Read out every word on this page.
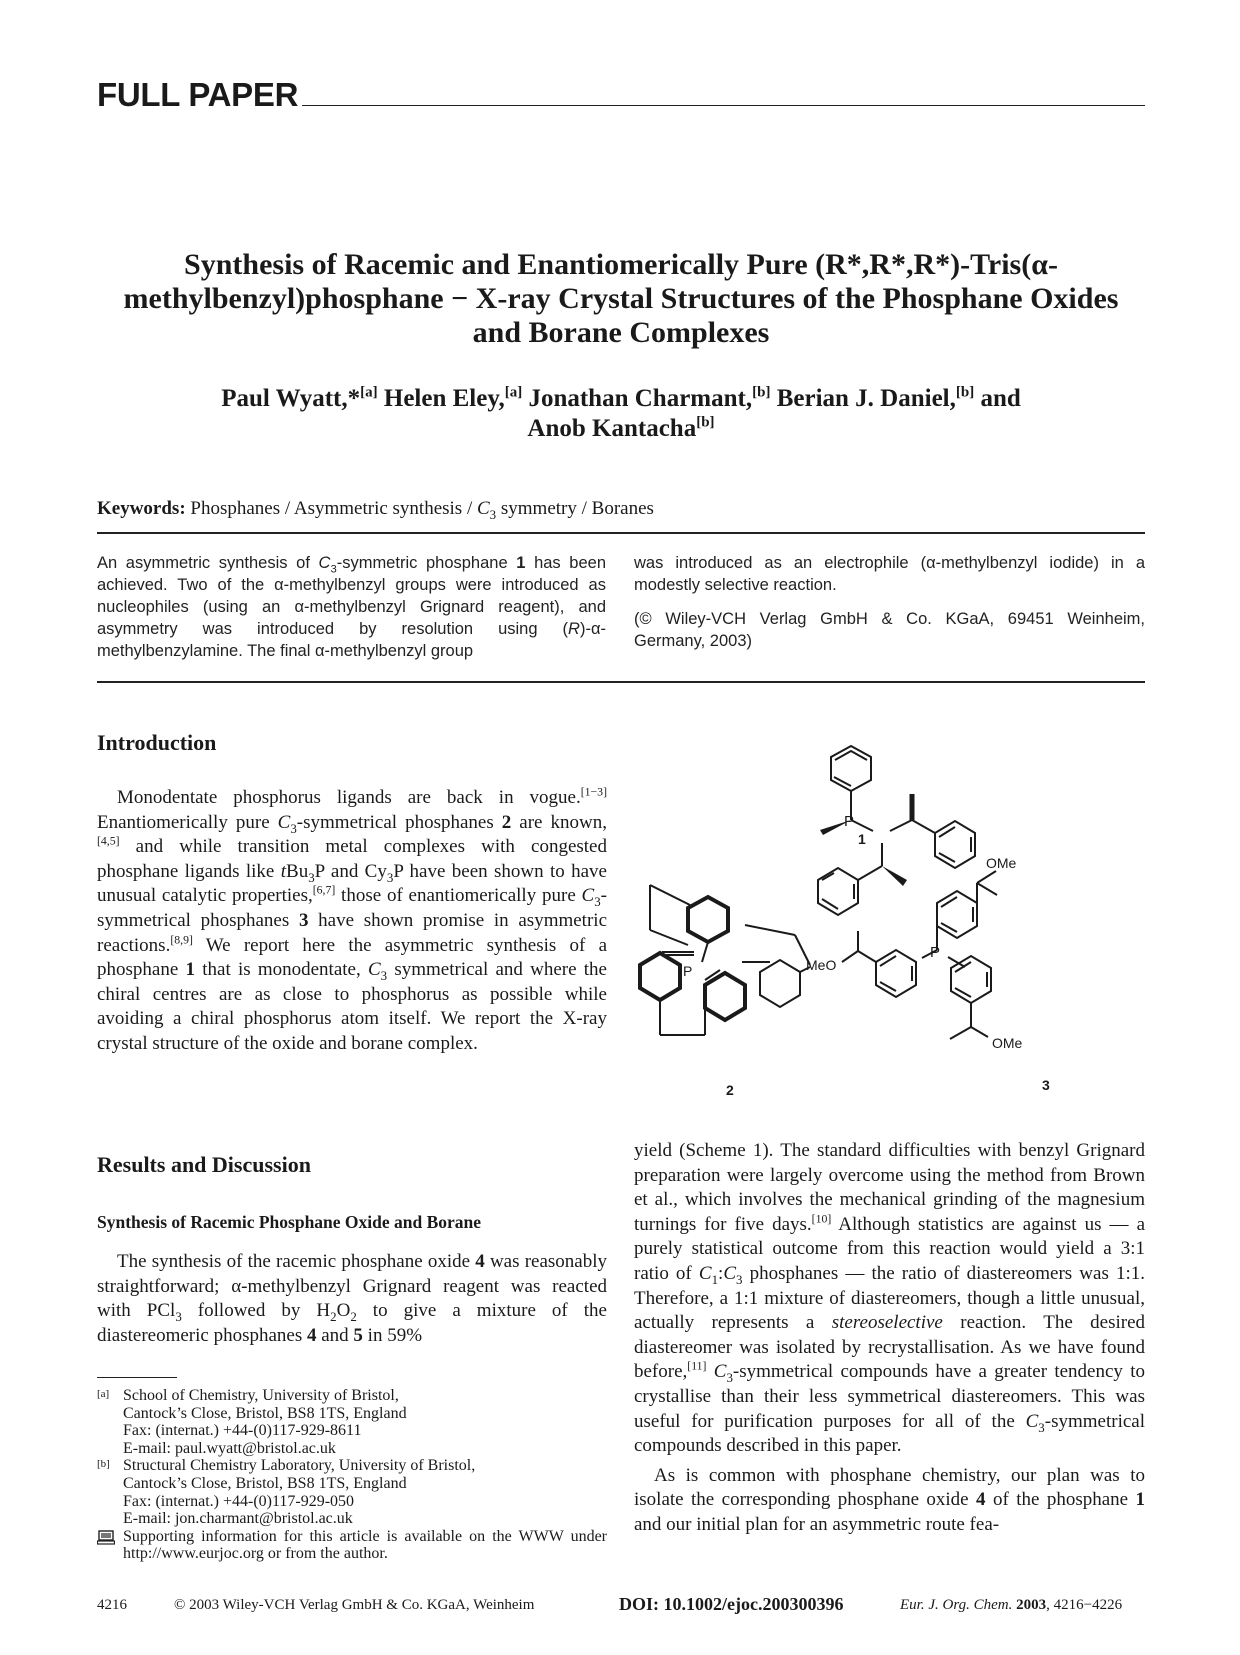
FULL PAPER
Synthesis of Racemic and Enantiomerically Pure (R*,R*,R*)-Tris(α-
methylbenzyl)phosphane − X-ray Crystal Structures of the Phosphane Oxides
and Borane Complexes
Paul Wyatt,*[a] Helen Eley,[a] Jonathan Charmant,[b] Berian J. Daniel,[b] and
Anob Kantacha[b]
Keywords: Phosphanes / Asymmetric synthesis / $C_3$ symmetry / Boranes

An asymmetric synthesis of $C_3$-symmetric phosphane 1 has been achieved. Two of the α-methylbenzyl groups were introduced as nucleophiles (using an α-methylbenzyl Grignard reagent), and asymmetry was introduced by resolution using (R)-α-methylbenzylamine. The final α-methylbenzyl group

was introduced as an electrophile (α-methylbenzyl iodide) in a modestly selective reaction.

(© Wiley-VCH Verlag GmbH & Co. KGaA, 69451 Weinheim, Germany, 2003)

Introduction

Monodentate phosphorus ligands are back in vogue.[1−3] Enantiomerically pure $C_3$-symmetrical phosphanes 2 are known,[4,5] and while transition metal complexes with congested phosphane ligands like tBu$_3$P and $Cy_3P$ have been shown to have unusual catalytic properties,[6,7] those of enantiomerically pure $C_3$-symmetrical phosphanes 3 have shown promise in asymmetric reactions.[8,9] We report here the asymmetric synthesis of a phosphane 1 that is monodentate, $C_3$ symmetrical and where the chiral centres are as close to phosphorus as possible while avoiding a chiral phosphorus atom itself. We report the X-ray crystal structure of the oxide and borane complex.

Results and Discussion
Synthesis of Racemic Phosphane Oxide and Borane

The synthesis of the racemic phosphane oxide 4 was reasonably straightforward; α-methylbenzyl Grignard reagent was reacted with PCl$_3$ followed by $H_2O_2$ to give a mixture of the diastereomeric phosphanes 4 and 5 in 59%

[a] School of Chemistry, University of Bristol,
Cantock’s Close, Bristol, BS8 1TS, England
Fax: (internat.) +44-(0)117-929-8611
E-mail: paul.wyatt@bristol.ac.uk
[b] Structural Chemistry Laboratory, University of Bristol,
Cantock’s Close, Bristol, BS8 1TS, England
Fax: (internat.) +44-(0)117-929-050
E-mail: jon.charmant@bristol.ac.uk
Supporting information for this article is available on the WWW under http://www.eurjoc.org or from the author.

yield (Scheme 1). The standard difficulties with benzyl Grignard preparation were largely overcome using the method from Brown et al., which involves the mechanical grinding of the magnesium turnings for five days.[10] Although statistics are against us — a purely statistical outcome from this reaction would yield a 3:1 ratio of $C_1:C_3$ phosphanes — the ratio of diastereomers was 1:1. Therefore, a 1:1 mixture of diastereomers, though a little unusual, actually represents a stereoselective reaction. The desired diastereomer was isolated by recrystallisation. As we have found before,[11] $C_3$-symmetrical compounds have a greater tendency to crystallise than their less symmetrical diastereomers. This was useful for purification purposes for all of the $C_3$-symmetrical compounds described in this paper.

As is common with phosphane chemistry, our plan was to isolate the corresponding phosphane oxide 4 of the phosphane 1 and our initial plan for an asymmetric route fea-

P
1
P
2
P
OMe
MeO
OMe
3
4216	© 2003 Wiley-VCH Verlag GmbH & Co. KGaA, Weinheim	DOI: 10.1002/ejoc.200300396	Eur. J. Org. Chem. 2003, 4216−4226
